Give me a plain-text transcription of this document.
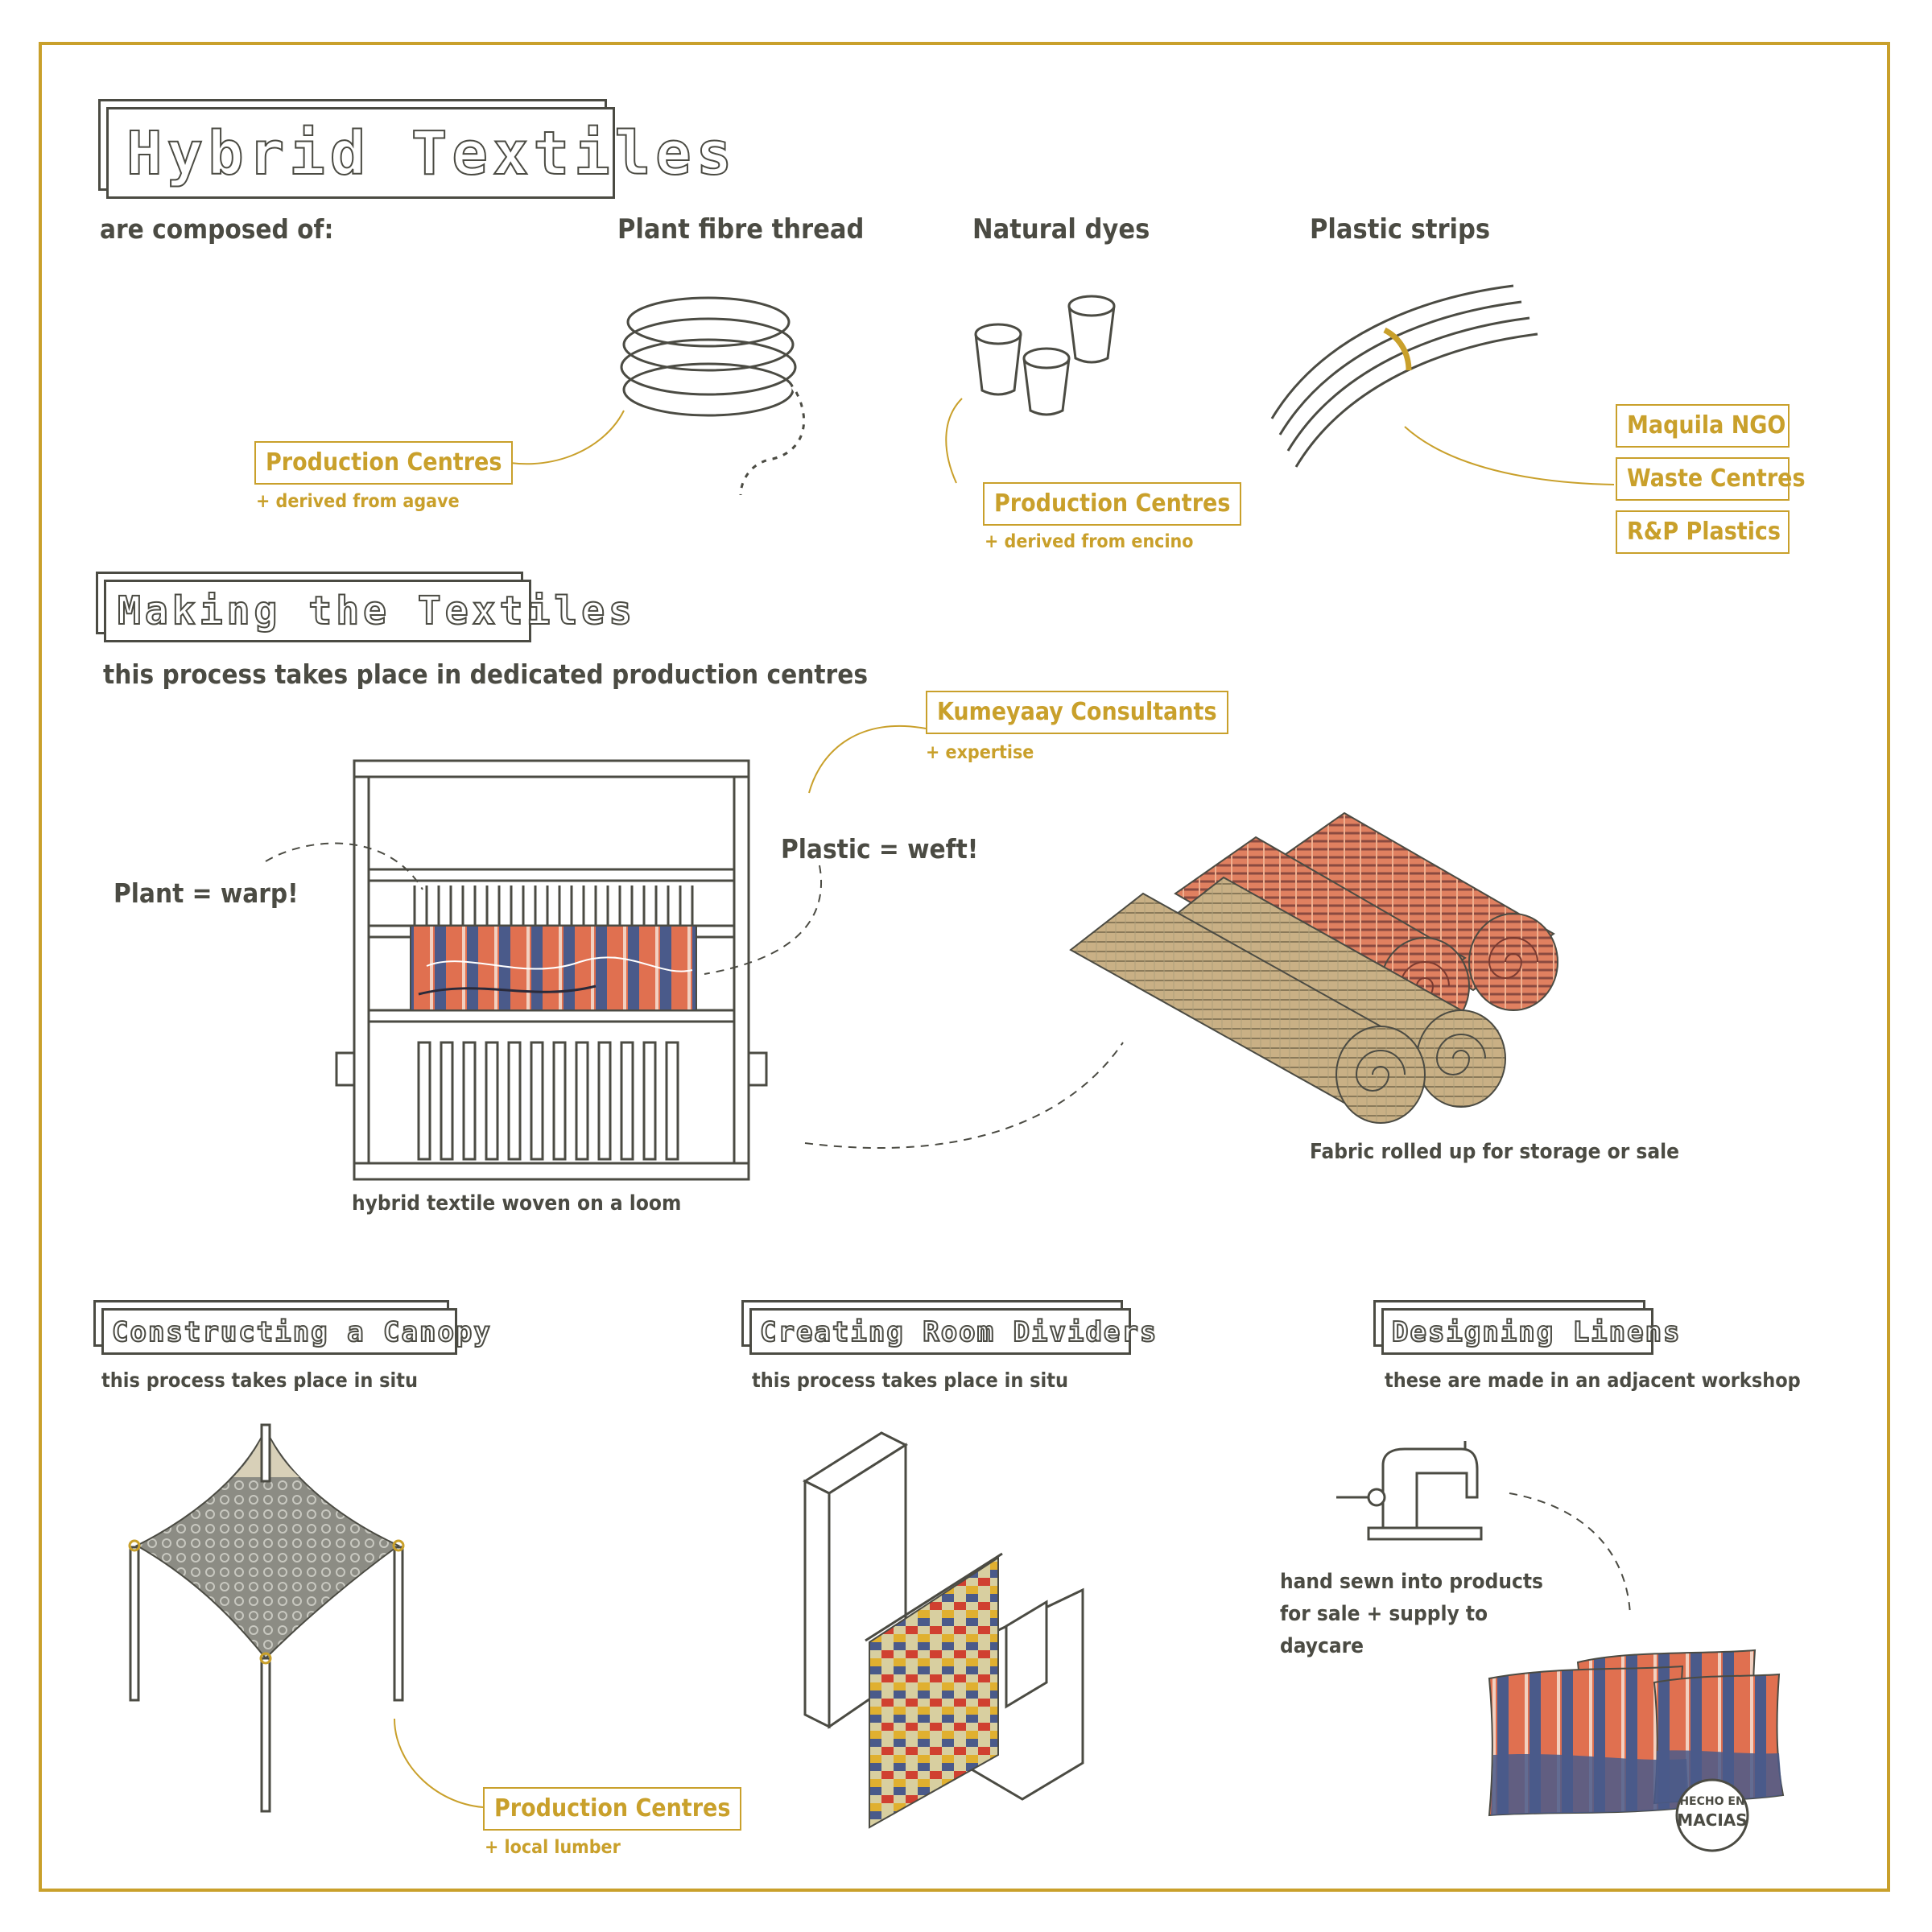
HECHO EN
MACIAS
Hybrid Textiles
are composed of:	Plant fibre thread	Natural dyes	Plastic strips
Production Centres
+ derived from agave	Production Centres
+ derived from encino
Maquila NGO
Waste Centres
R&P Plastics
Making the Textiles
this process takes place in dedicated production centres
Kumeyaay Consultants
+ expertise
Plant = warp!
Plastic = weft!
hybrid textile woven on a loom
Fabric rolled up for storage or sale
Constructing a Canopy
this process takes place in situ
Production Centres
+ local lumber
Creating Room Dividers
this process takes place in situ
Designing Linens
these are made in an adjacent workshop
hand sewn into products
for sale + supply to
daycare
